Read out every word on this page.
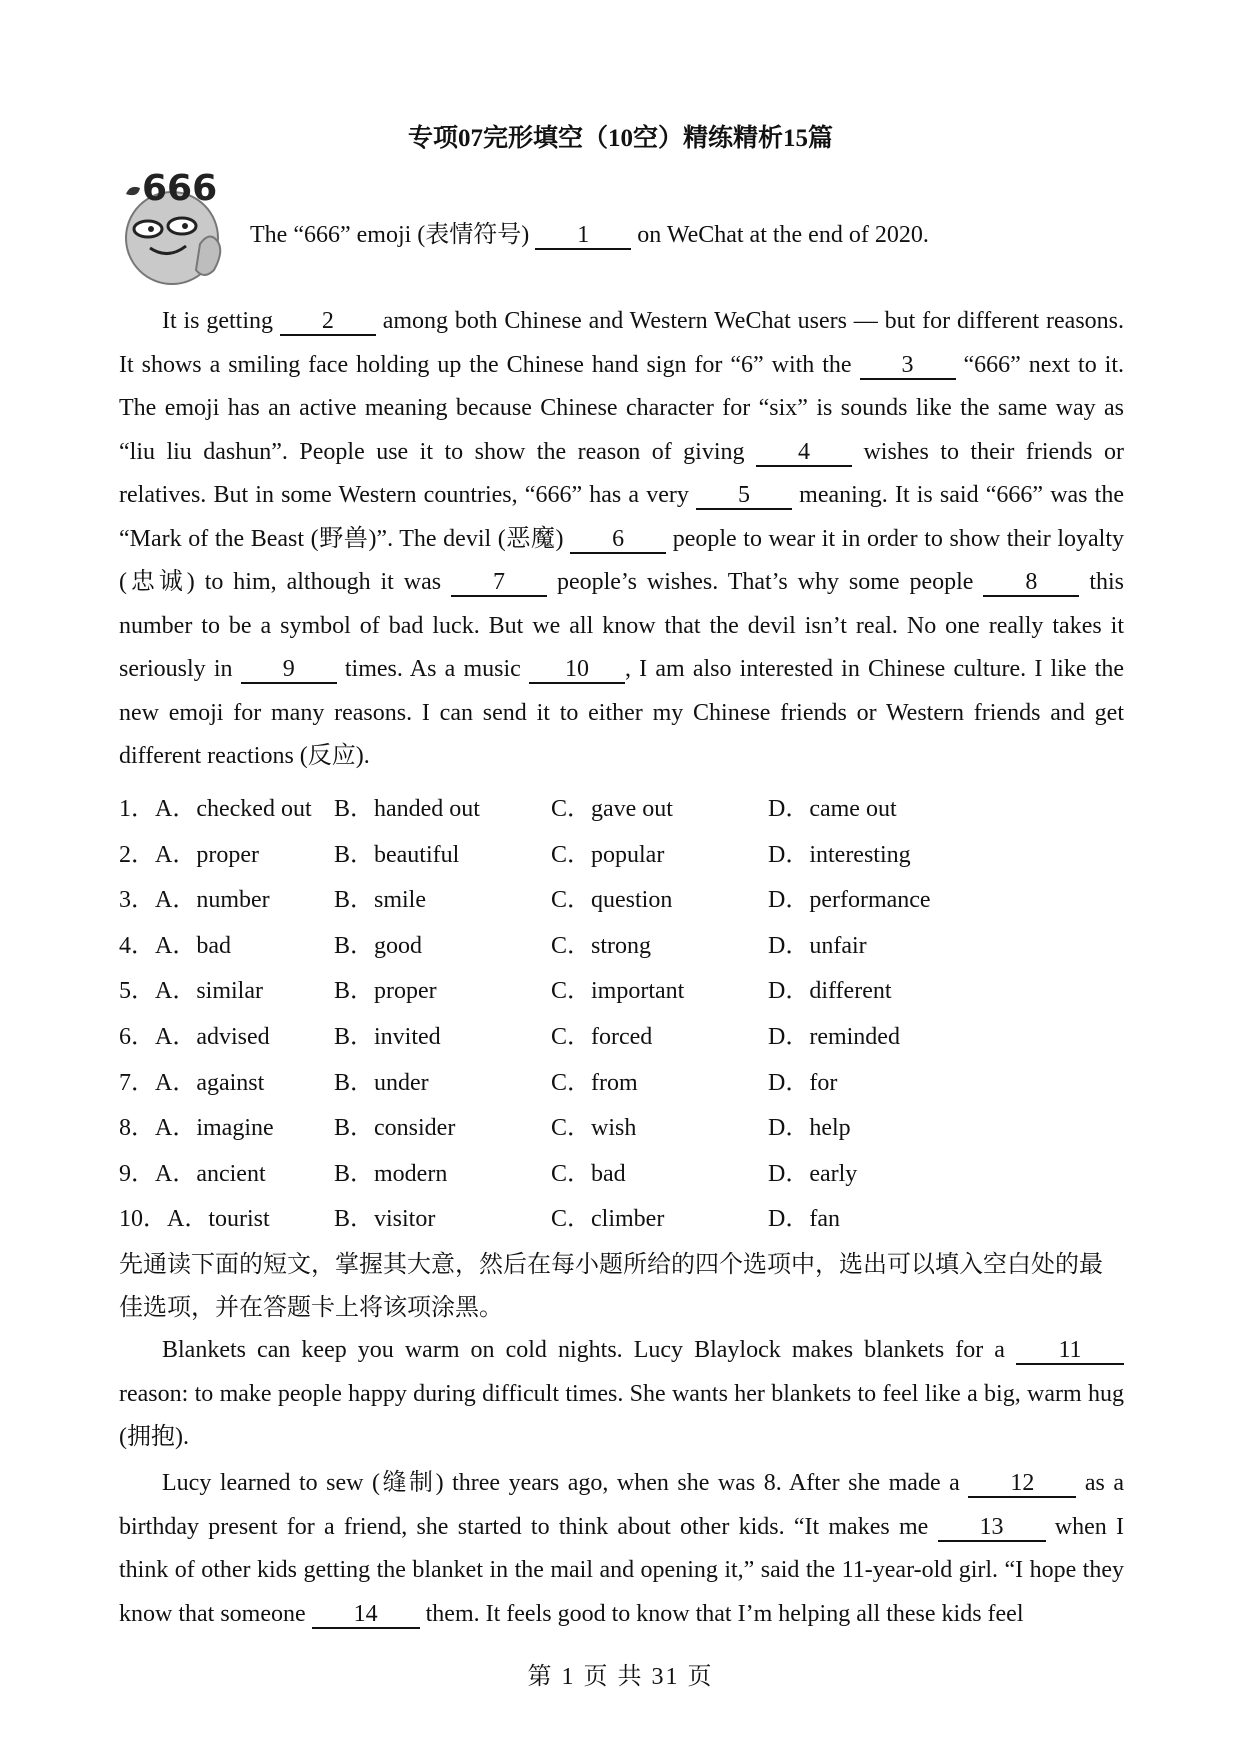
专项07完形填空（10空）精练精析15篇
666
The “666” emoji (表情符号) 1 on WeChat at the end of 2020.
It is getting 2 among both Chinese and Western WeChat users — but for different reasons. It shows a smiling face holding up the Chinese hand sign for “6” with the 3 “666” next to it. The emoji has an active meaning because Chinese character for “six” is sounds like the same way as “liu liu dashun”. People use it to show the reason of giving 4 wishes to their friends or relatives. But in some Western countries, “666” has a very 5 meaning. It is said “666” was the “Mark of the Beast (野兽)”. The devil (恶魔) 6 people to wear it in order to show their loyalty (忠诚) to him, although it was 7 people’s wishes. That’s why some people 8 this number to be a symbol of bad luck. But we all know that the devil isn’t real. No one really takes it seriously in 9 times. As a music 10 , I am also interested in Chinese culture. I like the new emoji for many reasons. I can send it to either my Chinese friends or Western friends and get different reactions (反应).
1．A．checked out B．handed out	C．gave out	D．came out
2．A．proper	B．beautiful	C．popular	D．interesting
3．A．number	B．smile	C．question	D．performance
4．A．bad	B．good	C．strong	D．unfair
5．A．similar	B．proper	C．important	D．different
6．A．advised	B．invited	C．forced	D．reminded
7．A．against	B．under	C．from	D．for
8．A．imagine	B．consider	C．wish	D．help
9．A．ancient	B．modern	C．bad	D．early
10．A．tourist	B．visitor	C．climber	D．fan
先通读下面的短文，掌握其大意，然后在每小题所给的四个选项中，选出可以填入空白处的最佳选项，并在答题卡上将该项涂黑。
Blankets can keep you warm on cold nights. Lucy Blaylock makes blankets for a 11 reason: to make people happy during difficult times. She wants her blankets to feel like a big, warm hug (拥抱).
Lucy learned to sew (缝制) three years ago, when she was 8. After she made a 12 as a birthday present for a friend, she started to think about other kids. “It makes me 13 when I think of other kids getting the blanket in the mail and opening it,” said the 11-year-old girl. “I hope they know that someone 14 them. It feels good to know that I’m helping all these kids feel
第 1 页 共 31 页
